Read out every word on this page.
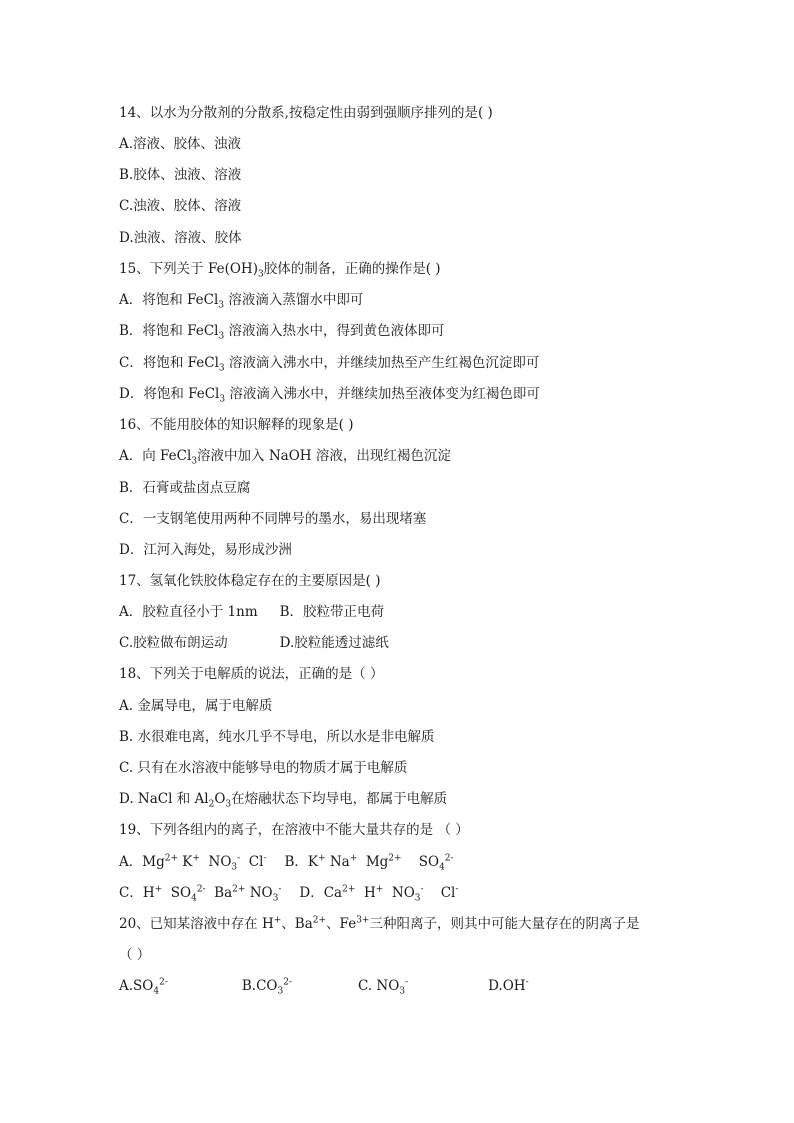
14、以水为分散剂的分散系,按稳定性由弱到强顺序排列的是( )
A.溶液、胶体、浊液
B.胶体、浊液、溶液
C.浊液、胶体、溶液
D.浊液、溶液、胶体
15、下列关于 $Fe(OH)_3$胶体的制备，正确的操作是( )
A．将饱和 FeCl$_3$ 溶液滴入蒸馏水中即可
B．将饱和 FeCl$_3$ 溶液滴入热水中，得到黄色液体即可
C．将饱和 FeCl$_3$ 溶液滴入沸水中，并继续加热至产生红褐色沉淀即可
D．将饱和 FeCl$_3$ 溶液滴入沸水中，并继续加热至液体变为红褐色即可
16、不能用胶体的知识解释的现象是( )
A．向 FeCl$_3$溶液中加入 NaOH 溶液，出现红褐色沉淀
B．石膏或盐卤点豆腐
C．一支钢笔使用两种不同牌号的墨水，易出现堵塞
D．江河入海处，易形成沙洲
17、氢氧化铁胶体稳定存在的主要原因是( )
A．胶粒直径小于 1nm B．胶粒带正电荷
C.胶粒做布朗运动	D.胶粒能透过滤纸
18、下列关于电解质的说法，正确的是（ ）
A. 金属导电，属于电解质
B. 水很难电离，纯水几乎不导电，所以水是非电解质
C. 只有在水溶液中能够导电的物质才属于电解质
D. NaCl 和 $Al_2O_3$在熔融状态下均导电，都属于电解质
19、下列各组内的离子，在溶液中不能大量共存的是 （ ）
A．$Mg^{2+}$ K+  $NO_3^-$  Cl- B．K+ Na+  $Mg^{2+}$    $SO_4^{2-}$
C．H+  $SO_4^{2-}$  $Ba^{2+}$ $NO_3^-$ D．$Ca^{2+}$  H+  $NO_3^-$    Cl-
20、已知某溶液中存在 H+、$Ba^{2+}$、$Fe^{3+}$三种阳离子，则其中可能大量存在的阴离子是
（ ）
$A.SO_4^{2-}$	$B.CO_3^{2-}$	C. $NO_3^-$	D.OH-
